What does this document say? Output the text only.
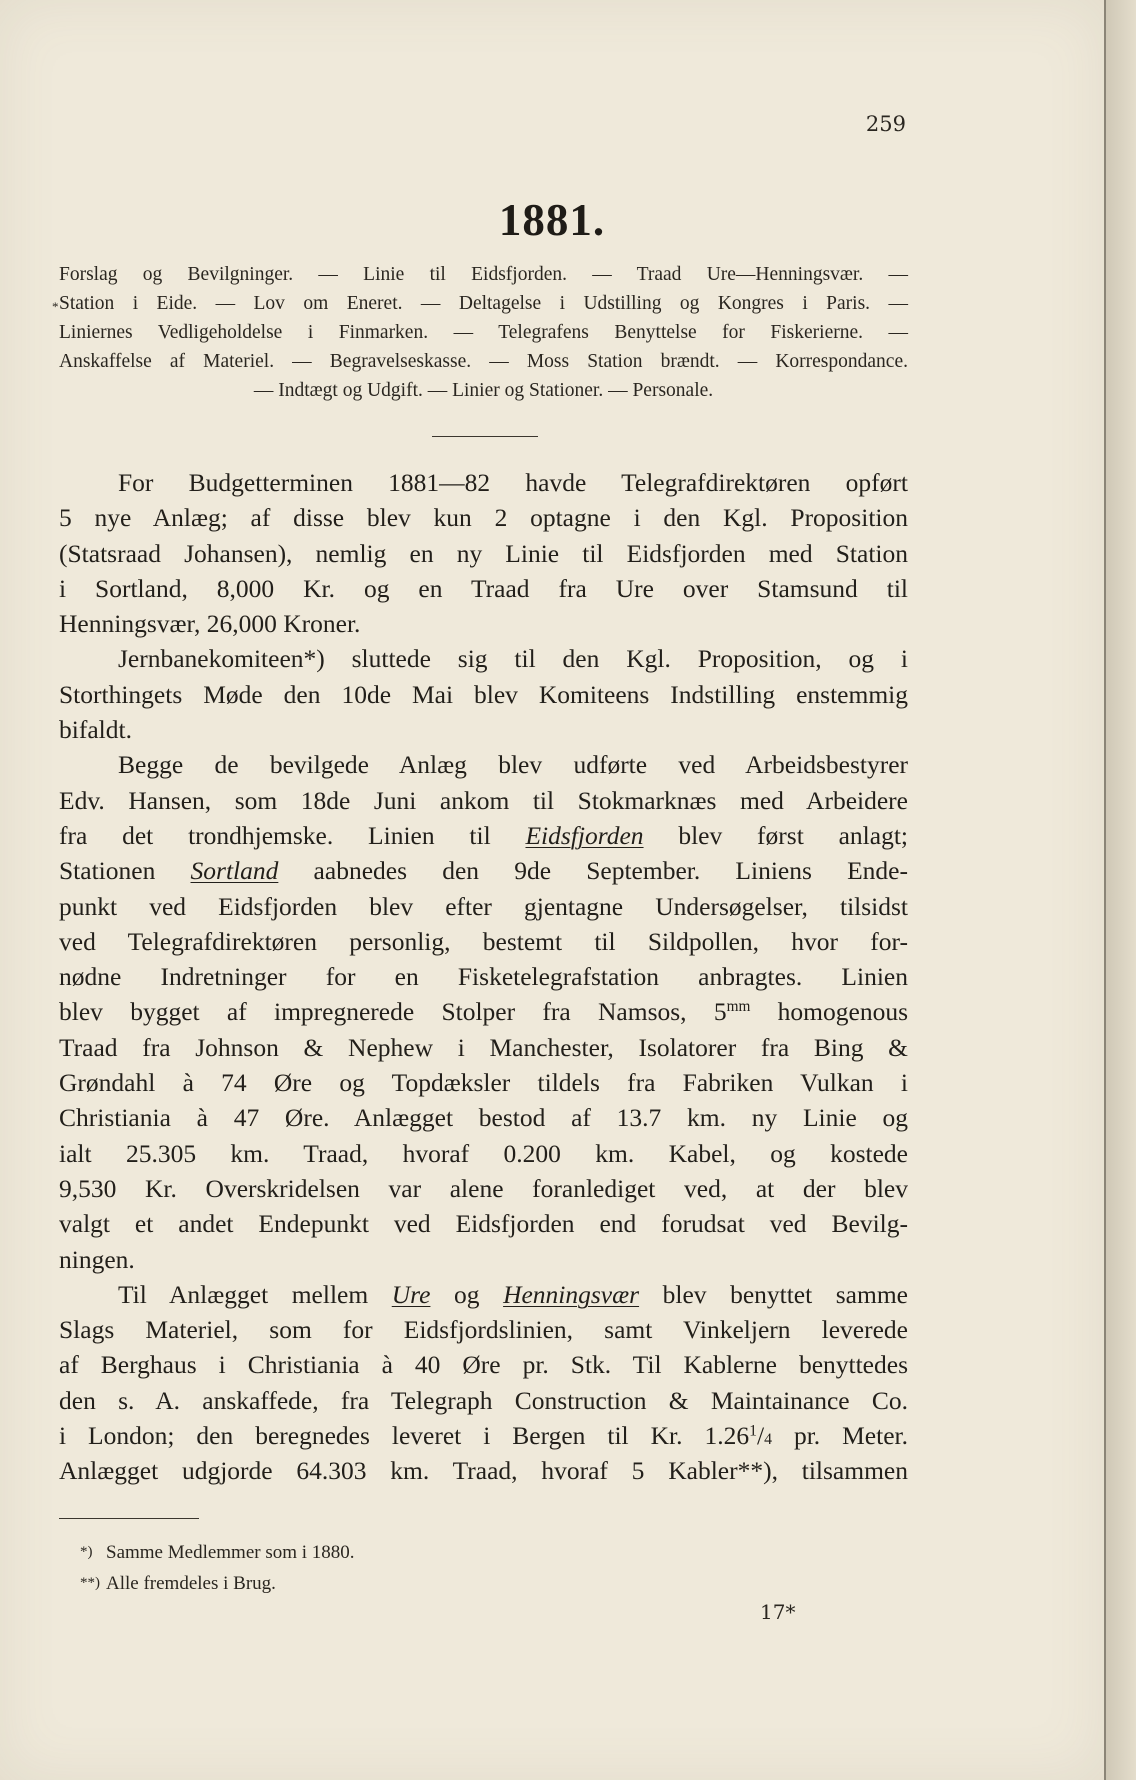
259
1881.
Forslag og Bevilgninger. — Linie til Eidsfjorden. — Traad Ure—Henningsvær. —
* Station i Eide. — Lov om Eneret. — Deltagelse i Udstilling og Kongres i Paris. —
Liniernes Vedligeholdelse i Finmarken. — Telegrafens Benyttelse for Fiskerierne. —
Anskaffelse af Materiel. — Begravelseskasse. — Moss Station brændt. — Korrespondance.
— Indtægt og Udgift. — Linier og Stationer. — Personale.
For Budgetterminen 1881—82 havde Telegrafdirektøren opført
5 nye Anlæg; af disse blev kun 2 optagne i den Kgl. Proposition
(Statsraad Johansen), nemlig en ny Linie til Eidsfjorden med Station
i Sortland, 8,000 Kr. og en Traad fra Ure over Stamsund til
Henningsvær, 26,000 Kroner.
Jernbanekomiteen*) sluttede sig til den Kgl. Proposition, og i
Storthingets Møde den 10de Mai blev Komiteens Indstilling enstemmig
bifaldt.
Begge de bevilgede Anlæg blev udførte ved Arbeidsbestyrer
Edv. Hansen, som 18de Juni ankom til Stokmarknæs med Arbeidere
fra det trondhjemske. Linien til Eidsfjorden blev først anlagt;
Stationen Sortland aabnedes den 9de September. Liniens Ende-
punkt ved Eidsfjorden blev efter gjentagne Undersøgelser, tilsidst
ved Telegrafdirektøren personlig, bestemt til Sildpollen, hvor for-
nødne Indretninger for en Fisketelegrafstation anbragtes. Linien
blev bygget af impregnerede Stolper fra Namsos, $5^{mm}$ homogenous
Traad fra Johnson & Nephew i Manchester, Isolatorer fra Bing &
Grøndahl à 74 Øre og Topdæksler tildels fra Fabriken Vulkan i
Christiania à 47 Øre. Anlægget bestod af 13.7 km. ny Linie og
ialt 25.305 km. Traad, hvoraf 0.200 km. Kabel, og kostede
9,530 Kr. Overskridelsen var alene foranlediget ved, at der blev
valgt et andet Endepunkt ved Eidsfjorden end forudsat ved Bevilg-
ningen.
Til Anlægget mellem Ure og Henningsvær blev benyttet samme
Slags Materiel, som for Eidsfjordslinien, samt Vinkeljern leverede
af Berghaus i Christiania à 40 Øre pr. Stk. Til Kablerne benyttedes
den s. A. anskaffede, fra Telegraph Construction & Maintainance Co.
i London; den beregnedes leveret i Bergen til Kr. 1.26$^1$/4 pr. Meter.
Anlægget udgjorde 64.303 km. Traad, hvoraf 5 Kabler**), tilsammen
*) Samme Medlemmer som i 1880.
**) Alle fremdeles i Brug.
17*
